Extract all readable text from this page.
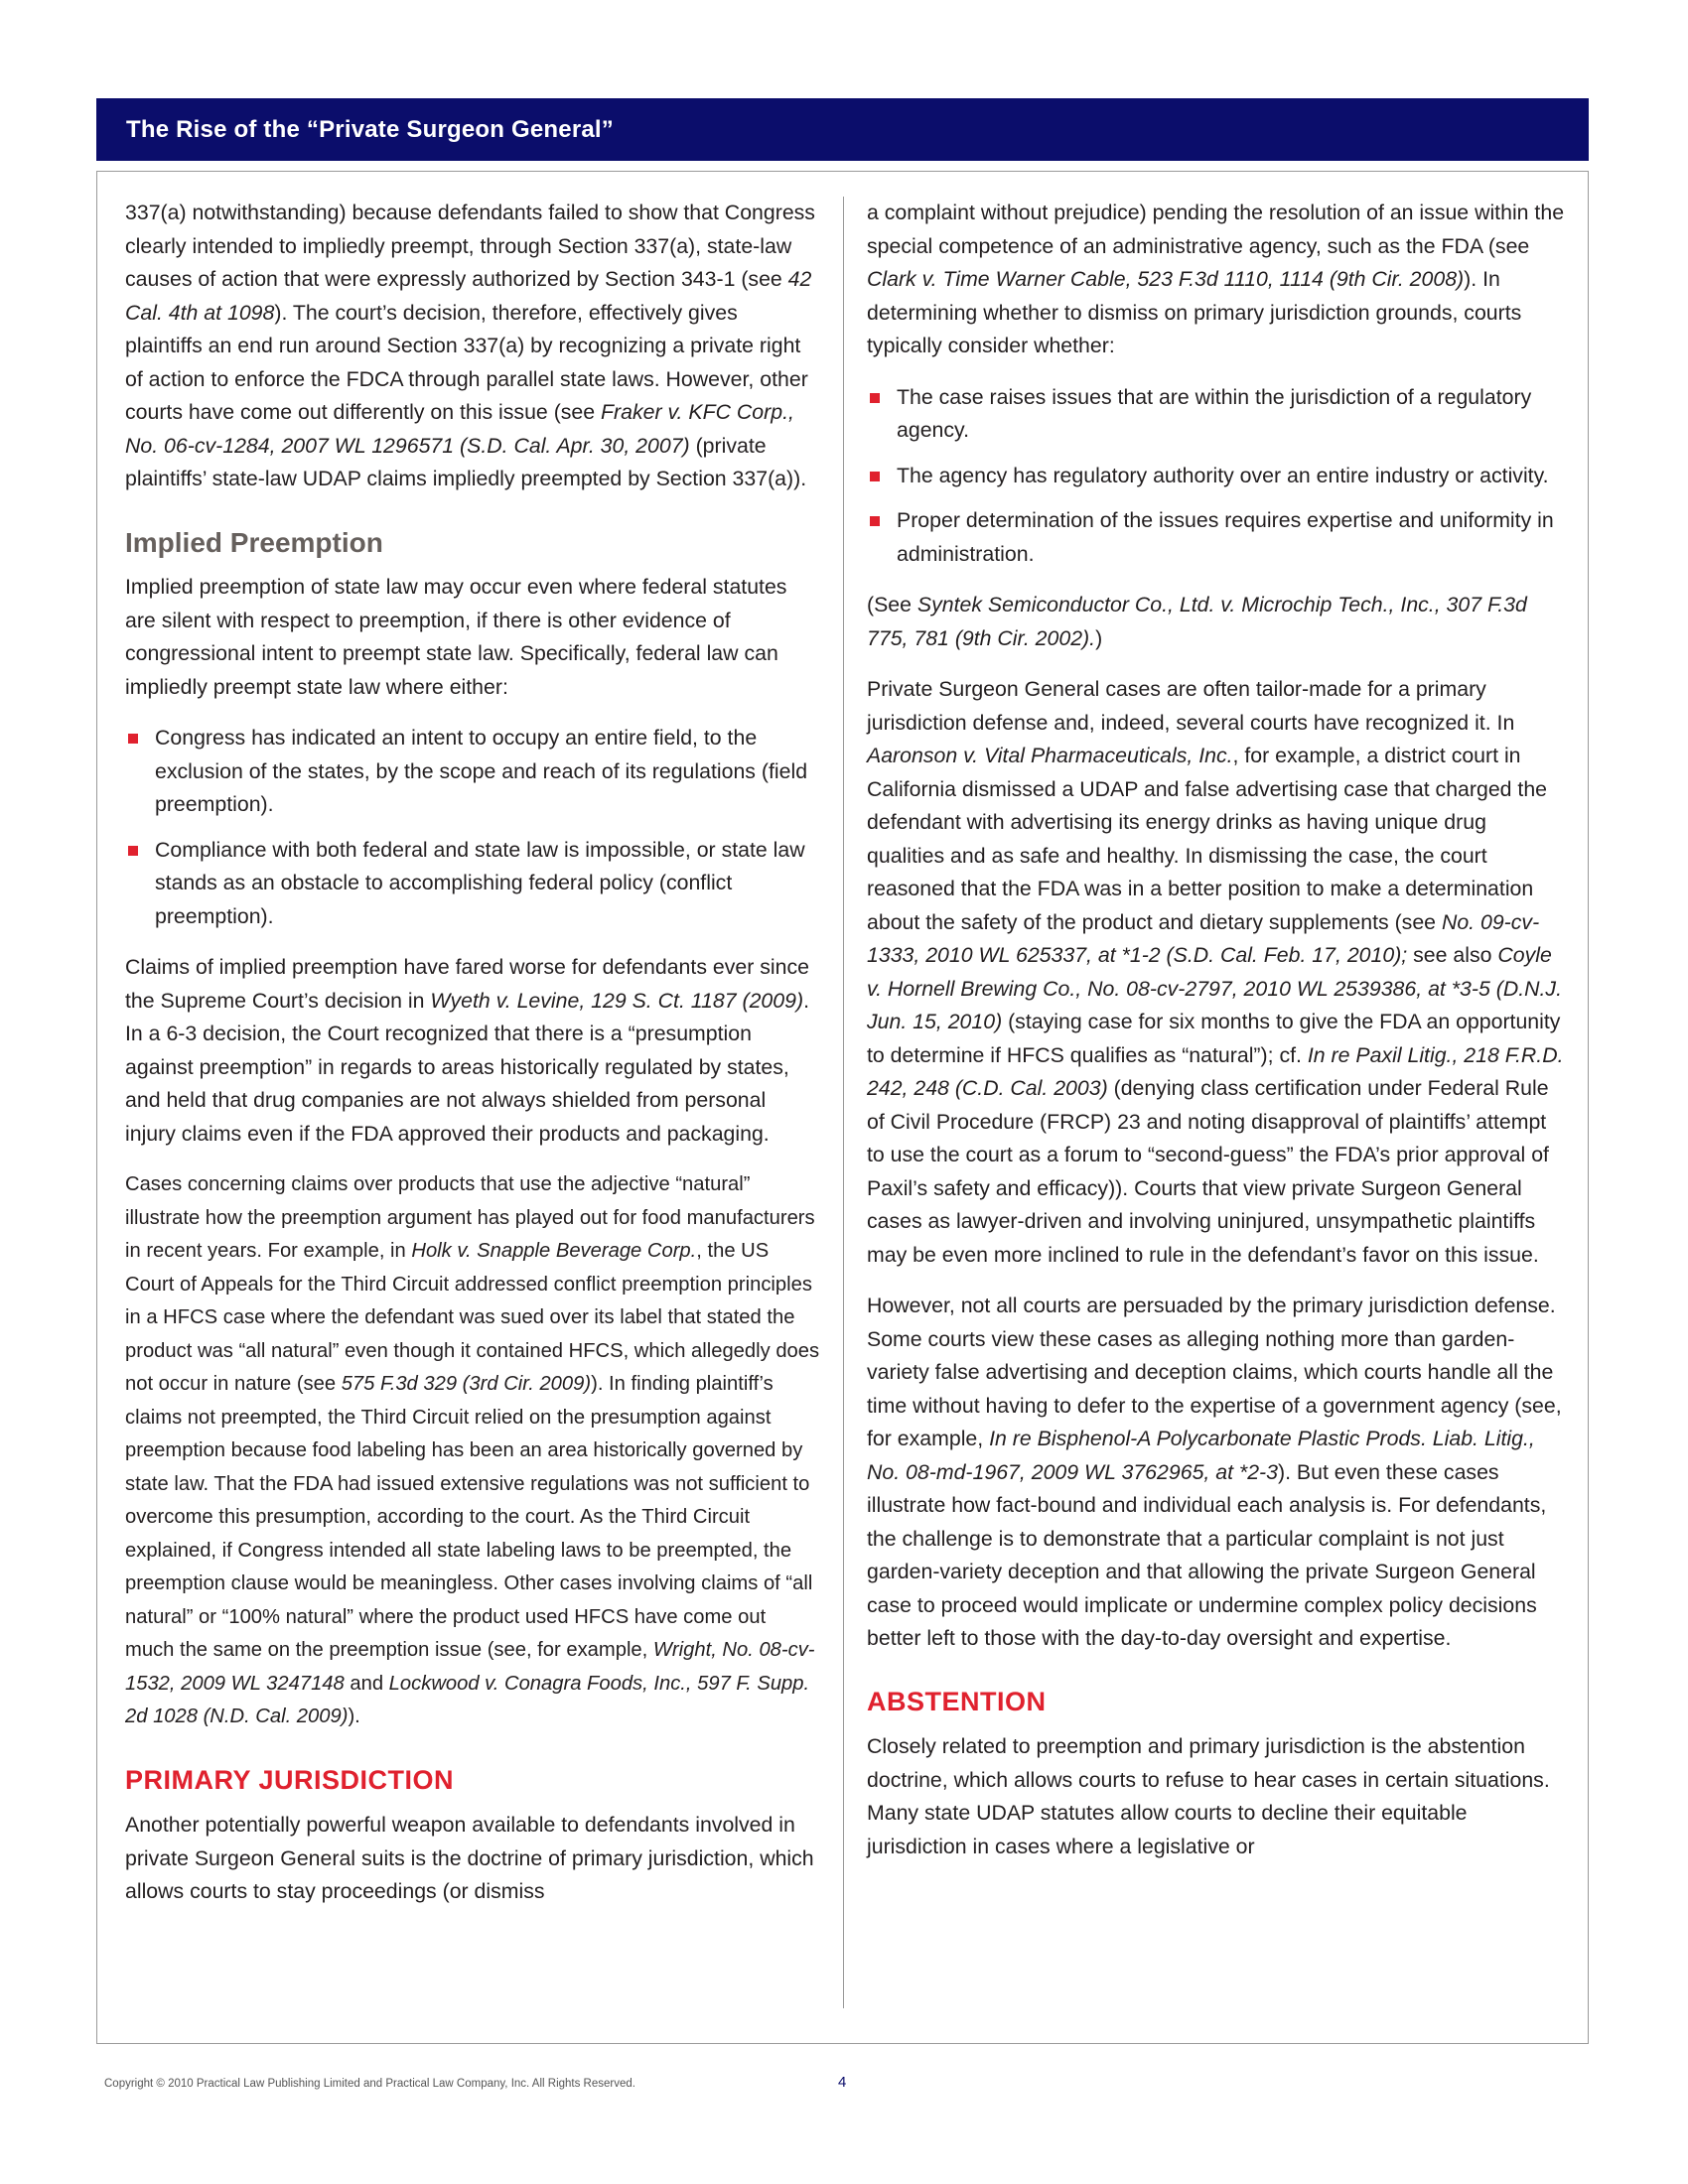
The Rise of the “Private Surgeon General”

337(a) notwithstanding) because defendants failed to show that Congress clearly intended to impliedly preempt, through Section 337(a), state-law causes of action that were expressly authorized by Section 343-1 (see 42 Cal. 4th at 1098). The court’s decision, therefore, effectively gives plaintiffs an end run around Section 337(a) by recognizing a private right of action to enforce the FDCA through parallel state laws. However, other courts have come out differently on this issue (see Fraker v. KFC Corp., No. 06-cv-1284, 2007 WL 1296571 (S.D. Cal. Apr. 30, 2007) (private plaintiffs’ state-law UDAP claims impliedly preempted by Section 337(a)).

Implied Preemption

Implied preemption of state law may occur even where federal statutes are silent with respect to preemption, if there is other evidence of congressional intent to preempt state law. Specifically, federal law can impliedly preempt state law where either:

Congress has indicated an intent to occupy an entire field, to the exclusion of the states, by the scope and reach of its regulations (field preemption).
Compliance with both federal and state law is impossible, or state law stands as an obstacle to accomplishing federal policy (conflict preemption).

Claims of implied preemption have fared worse for defendants ever since the Supreme Court’s decision in Wyeth v. Levine, 129 S. Ct. 1187 (2009). In a 6-3 decision, the Court recognized that there is a “presumption against preemption” in regards to areas historically regulated by states, and held that drug companies are not always shielded from personal injury claims even if the FDA approved their products and packaging.

Cases concerning claims over products that use the adjective “natural” illustrate how the preemption argument has played out for food manufacturers in recent years. For example, in Holk v. Snapple Beverage Corp., the US Court of Appeals for the Third Circuit addressed conflict preemption principles in a HFCS case where the defendant was sued over its label that stated the product was “all natural” even though it contained HFCS, which allegedly does not occur in nature (see 575 F.3d 329 (3rd Cir. 2009)). In finding plaintiff’s claims not preempted, the Third Circuit relied on the presumption against preemption because food labeling has been an area historically governed by state law. That the FDA had issued extensive regulations was not sufficient to overcome this presumption, according to the court. As the Third Circuit explained, if Congress intended all state labeling laws to be preempted, the preemption clause would be meaningless. Other cases involving claims of “all natural” or “100% natural” where the product used HFCS have come out much the same on the preemption issue (see, for example, Wright, No. 08-cv-1532, 2009 WL 3247148 and Lockwood v. Conagra Foods, Inc., 597 F. Supp. 2d 1028 (N.D. Cal. 2009)).

PRIMARY JURISDICTION

Another potentially powerful weapon available to defendants involved in private Surgeon General suits is the doctrine of primary jurisdiction, which allows courts to stay proceedings (or dismiss

a complaint without prejudice) pending the resolution of an issue within the special competence of an administrative agency, such as the FDA (see Clark v. Time Warner Cable, 523 F.3d 1110, 1114 (9th Cir. 2008)). In determining whether to dismiss on primary jurisdiction grounds, courts typically consider whether:

The case raises issues that are within the jurisdiction of a regulatory agency.
The agency has regulatory authority over an entire industry or activity.
Proper determination of the issues requires expertise and uniformity in administration.

(See Syntek Semiconductor Co., Ltd. v. Microchip Tech., Inc., 307 F.3d 775, 781 (9th Cir. 2002).)

Private Surgeon General cases are often tailor-made for a primary jurisdiction defense and, indeed, several courts have recognized it. In Aaronson v. Vital Pharmaceuticals, Inc., for example, a district court in California dismissed a UDAP and false advertising case that charged the defendant with advertising its energy drinks as having unique drug qualities and as safe and healthy. In dismissing the case, the court reasoned that the FDA was in a better position to make a determination about the safety of the product and dietary supplements (see No. 09-cv-1333, 2010 WL 625337, at *1-2 (S.D. Cal. Feb. 17, 2010); see also Coyle v. Hornell Brewing Co., No. 08-cv-2797, 2010 WL 2539386, at *3-5 (D.N.J. Jun. 15, 2010) (staying case for six months to give the FDA an opportunity to determine if HFCS qualifies as “natural”); cf. In re Paxil Litig., 218 F.R.D. 242, 248 (C.D. Cal. 2003) (denying class certification under Federal Rule of Civil Procedure (FRCP) 23 and noting disapproval of plaintiffs’ attempt to use the court as a forum to “second-guess” the FDA’s prior approval of Paxil’s safety and efficacy)). Courts that view private Surgeon General cases as lawyer-driven and involving uninjured, unsympathetic plaintiffs may be even more inclined to rule in the defendant’s favor on this issue.

However, not all courts are persuaded by the primary jurisdiction defense. Some courts view these cases as alleging nothing more than garden-variety false advertising and deception claims, which courts handle all the time without having to defer to the expertise of a government agency (see, for example, In re Bisphenol-A Polycarbonate Plastic Prods. Liab. Litig., No. 08-md-1967, 2009 WL 3762965, at *2-3). But even these cases illustrate how fact-bound and individual each analysis is. For defendants, the challenge is to demonstrate that a particular complaint is not just garden-variety deception and that allowing the private Surgeon General case to proceed would implicate or undermine complex policy decisions better left to those with the day-to-day oversight and expertise.

ABSTENTION

Closely related to preemption and primary jurisdiction is the abstention doctrine, which allows courts to refuse to hear cases in certain situations. Many state UDAP statutes allow courts to decline their equitable jurisdiction in cases where a legislative or

Copyright © 2010 Practical Law Publishing Limited and Practical Law Company, Inc. All Rights Reserved.	4
